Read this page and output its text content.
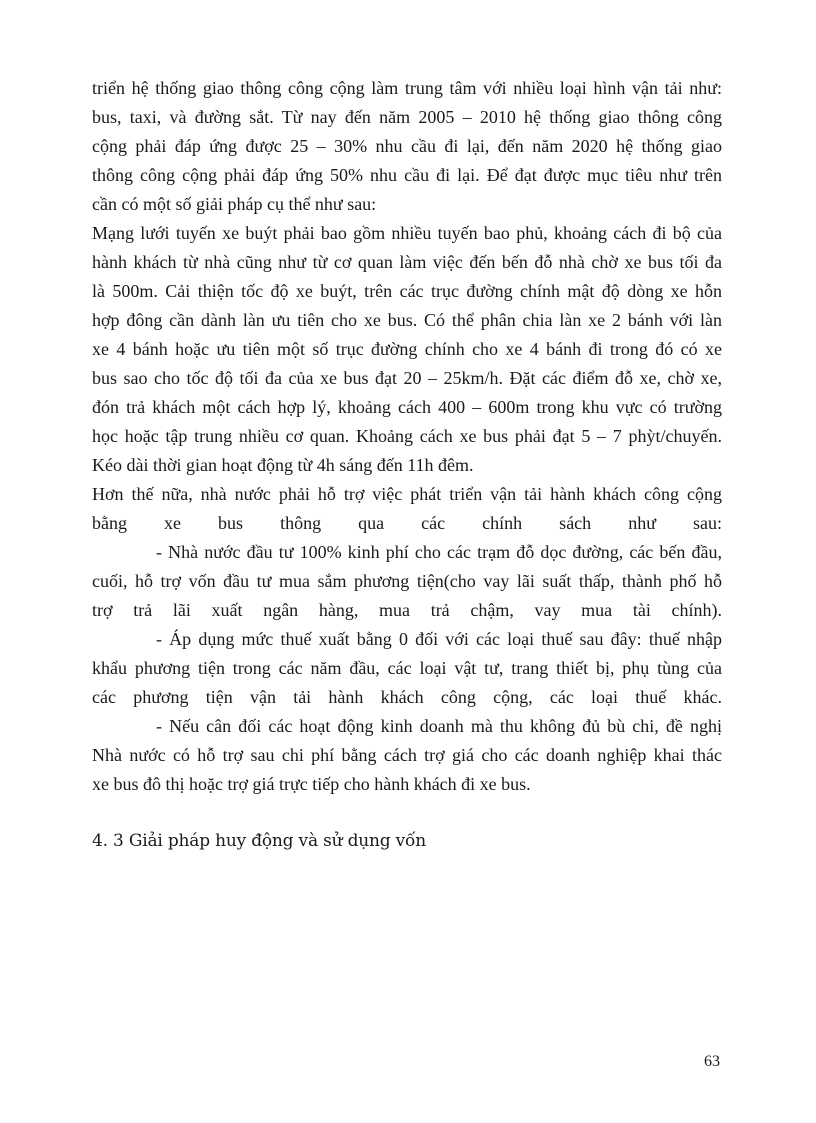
triển hệ thống giao thông công cộng làm trung tâm với nhiều loại hình vận tải như:
bus, taxi, và đường sắt. Từ nay đến năm 2005 – 2010 hệ thống giao thông công
cộng phải đáp ứng được 25 – 30% nhu cầu đi lại, đến năm 2020 hệ thống giao
thông công cộng phải đáp ứng 50% nhu cầu đi lại. Để đạt được mục tiêu như trên
cần có một số giải pháp cụ thể như sau:
Mạng lưới tuyến xe buýt phải bao gồm nhiều tuyến bao phủ, khoảng cách đi bộ của
hành khách từ nhà cũng như từ cơ quan làm việc đến bến đỗ nhà chờ xe bus tối đa
là 500m. Cải thiện tốc độ xe buýt, trên các trục đường chính mật độ dòng xe hỗn
hợp đông cần dành làn ưu tiên cho xe bus. Có thể phân chia làn xe 2 bánh với làn
xe 4 bánh hoặc ưu tiên một số trục đường chính cho xe 4 bánh đi trong đó có xe
bus sao cho tốc độ tối đa của xe bus đạt 20 – 25km/h. Đặt các điểm đỗ xe, chờ xe,
đón trả khách một cách hợp lý, khoảng cách 400 – 600m trong khu vực có trường
học hoặc tập trung nhiều cơ quan. Khoảng cách xe bus phải đạt 5 – 7 phỳt/chuyến.
Kéo dài thời gian hoạt động từ 4h sáng đến 11h đêm.
Hơn thế nữa, nhà nước phải hỗ trợ việc phát triển vận tải hành khách công cộng
bằng xe bus thông qua các chính sách như sau:
- Nhà nước đầu tư 100% kinh phí cho các trạm đỗ dọc đường, các bến đầu,
cuối, hỗ trợ vốn đầu tư mua sắm phương tiện(cho vay lãi suất thấp, thành phố hỗ
trợ trả lãi xuất ngân hàng, mua trả chậm, vay mua tài chính).
- Áp dụng mức thuế xuất bằng 0 đối với các loại thuế sau đây: thuế nhập
khẩu phương tiện trong các năm đầu, các loại vật tư, trang thiết bị, phụ tùng của
các phương tiện vận tải hành khách công cộng, các loại thuế khác.
- Nếu cân đối các hoạt động kinh doanh mà thu không đủ bù chi, đề nghị
Nhà nước có hỗ trợ sau chi phí bằng cách trợ giá cho các doanh nghiệp khai thác
xe bus đô thị hoặc trợ giá trực tiếp cho hành khách đi xe bus.
4. 3 Giải pháp huy động và sử dụng vốn
63
